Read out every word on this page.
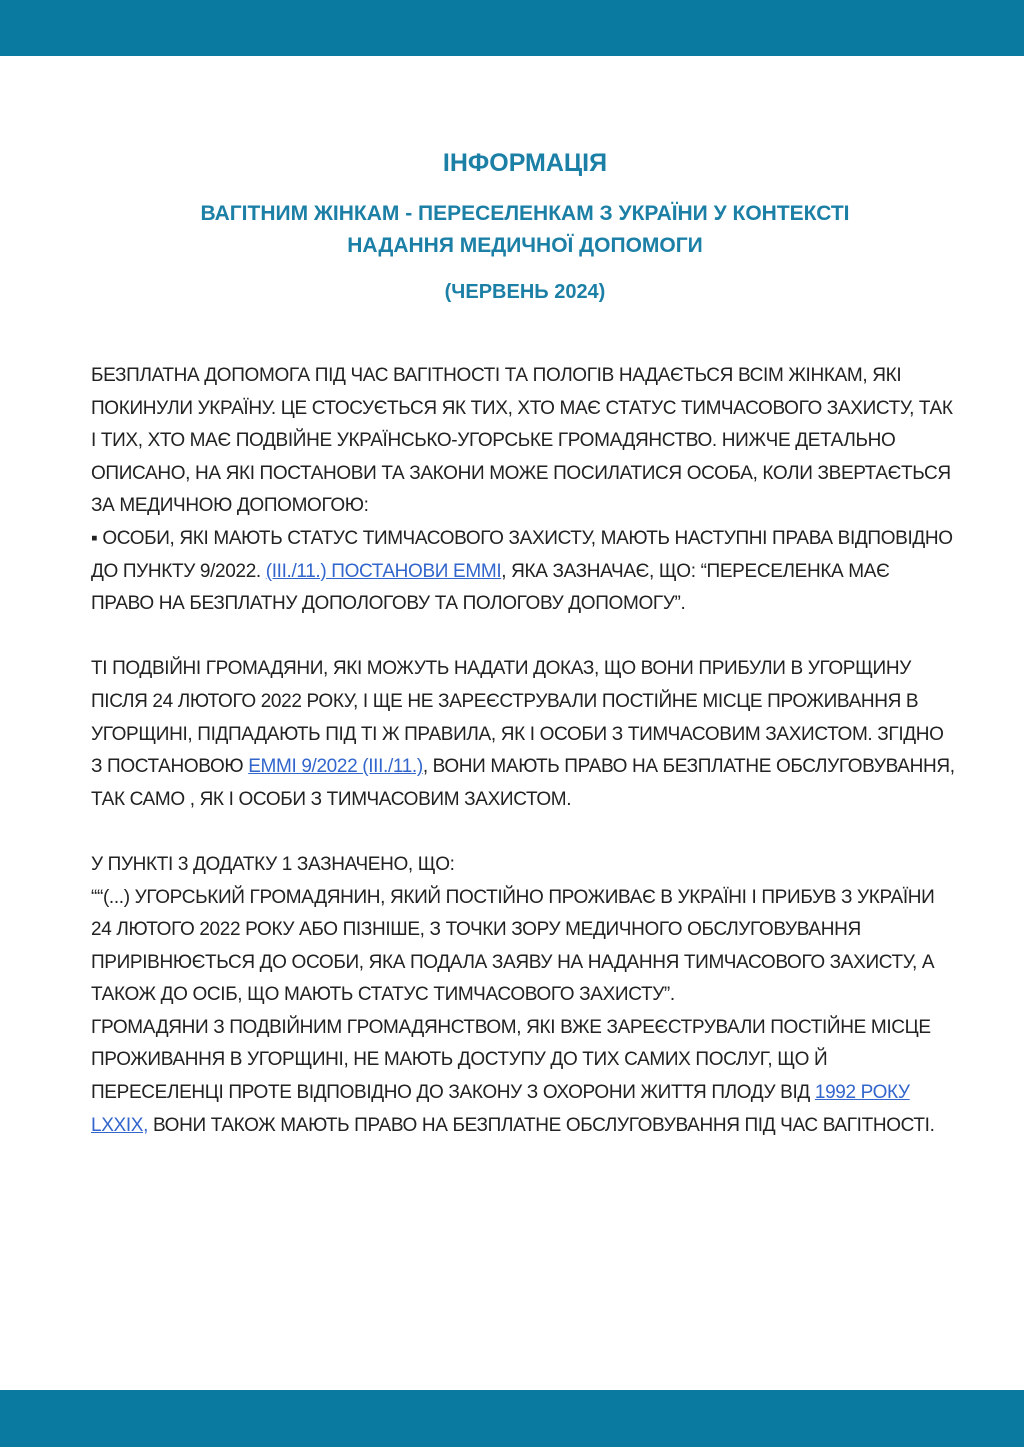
ІНФОРМАЦІЯ
ВАГІТНИМ ЖІНКАМ - ПЕРЕСЕЛЕНКАМ З УКРАЇНИ У КОНТЕКСТІ
НАДАННЯ МЕДИЧНОЇ ДОПОМОГИ
(ЧЕРВЕНЬ 2024)

БЕЗПЛАТНА ДОПОМОГА ПІД ЧАС ВАГІТНОСТІ ТА ПОЛОГІВ НАДАЄТЬСЯ ВСІМ ЖІНКАМ, ЯКІ ПОКИНУЛИ УКРАЇНУ. ЦЕ СТОСУЄТЬСЯ ЯК ТИХ, ХТО МАЄ СТАТУС ТИМЧАСОВОГО ЗАХИСТУ, ТАК І ТИХ, ХТО МАЄ ПОДВІЙНЕ УКРАЇНСЬКО-УГОРСЬКЕ ГРОМАДЯНСТВО. НИЖЧЕ ДЕТАЛЬНО ОПИСАНО, НА ЯКІ ПОСТАНОВИ ТА ЗАКОНИ МОЖЕ ПОСИЛАТИСЯ ОСОБА, КОЛИ ЗВЕРТАЄТЬСЯ ЗА МЕДИЧНОЮ ДОПОМОГОЮ:

▪ ОСОБИ, ЯКІ МАЮТЬ СТАТУС ТИМЧАСОВОГО ЗАХИСТУ, МАЮТЬ НАСТУПНІ ПРАВА ВІДПОВІДНО ДО ПУНКТУ 9/2022. (III./11.) ПОСТАНОВИ EMMI, ЯКА ЗАЗНАЧАЄ, ЩО: “ПЕРЕСЕЛЕНКА МАЄ ПРАВО НА БЕЗПЛАТНУ ДОПОЛОГОВУ ТА ПОЛОГОВУ ДОПОМОГУ”.

ТІ ПОДВІЙНІ ГРОМАДЯНИ, ЯКІ МОЖУТЬ НАДАТИ ДОКАЗ, ЩО ВОНИ ПРИБУЛИ В УГОРЩИНУ ПІСЛЯ 24 ЛЮТОГО 2022 РОКУ, І ЩЕ НЕ ЗАРЕЄСТРУВАЛИ ПОСТІЙНЕ МІСЦЕ ПРОЖИВАННЯ В УГОРЩИНІ, ПІДПАДАЮТЬ ПІД ТІ Ж ПРАВИЛА, ЯК І ОСОБИ З ТИМЧАСОВИМ ЗАХИСТОМ. ЗГІДНО З ПОСТАНОВОЮ EMMI 9/2022 (III./11.), ВОНИ МАЮТЬ ПРАВО НА БЕЗПЛАТНЕ ОБСЛУГОВУВАННЯ, ТАК САМО , ЯК І ОСОБИ З ТИМЧАСОВИМ ЗАХИСТОМ.

У ПУНКТІ 3 ДОДАТКУ 1 ЗАЗНАЧЕНО, ЩО:

““(...) УГОРСЬКИЙ ГРОМАДЯНИН, ЯКИЙ ПОСТІЙНО ПРОЖИВАЄ В УКРАЇНІ І ПРИБУВ З УКРАЇНИ 24 ЛЮТОГО 2022 РОКУ АБО ПІЗНІШЕ, З ТОЧКИ ЗОРУ МЕДИЧНОГО ОБСЛУГОВУВАННЯ ПРИРІВНЮЄТЬСЯ ДО ОСОБИ, ЯКА ПОДАЛА ЗАЯВУ НА НАДАННЯ ТИМЧАСОВОГО ЗАХИСТУ, А ТАКОЖ ДО ОСІБ, ЩО МАЮТЬ СТАТУС ТИМЧАСОВОГО ЗАХИСТУ”.

ГРОМАДЯНИ З ПОДВІЙНИМ ГРОМАДЯНСТВОМ, ЯКІ ВЖЕ ЗАРЕЄСТРУВАЛИ ПОСТІЙНЕ МІСЦЕ ПРОЖИВАННЯ В УГОРЩИНІ, НЕ МАЮТЬ ДОСТУПУ ДО ТИХ САМИХ ПОСЛУГ, ЩО Й ПЕРЕСЕЛЕНЦІ ПРОТЕ ВІДПОВІДНО ДО ЗАКОНУ З ОХОРОНИ ЖИТТЯ ПЛОДУ ВІД 1992 РОКУ LXXIX, ВОНИ ТАКОЖ МАЮТЬ ПРАВО НА БЕЗПЛАТНЕ ОБСЛУГОВУВАННЯ ПІД ЧАС ВАГІТНОСТІ.
